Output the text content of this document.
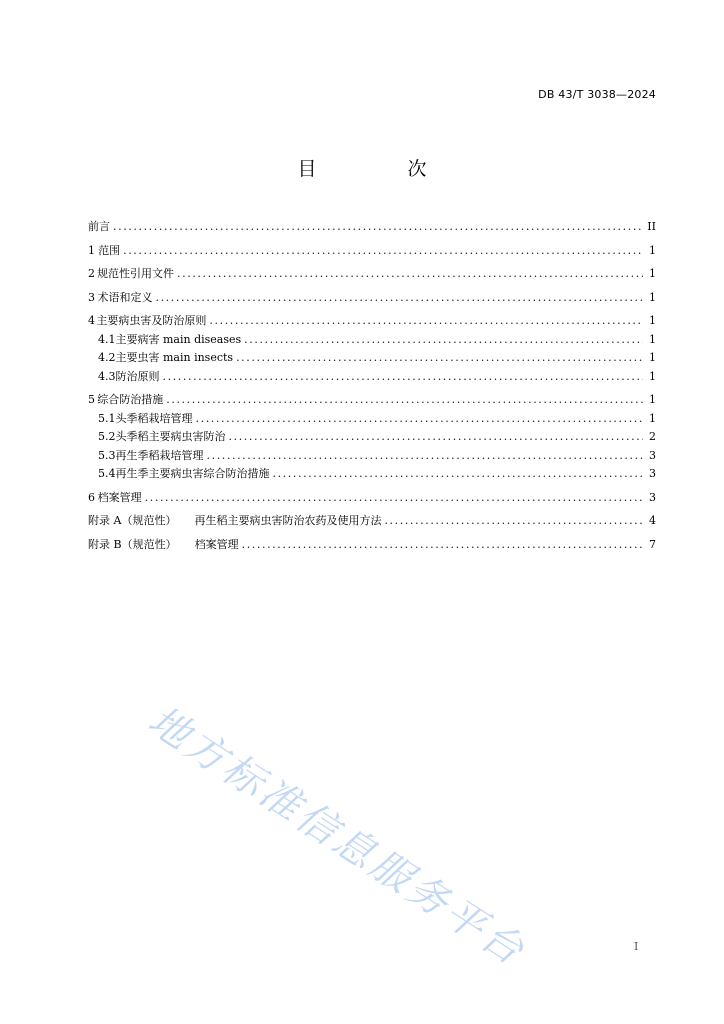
DB 43/T 3038—2024
目　次
前言 .....	II
1 范围 .....	1
2 规范性引用文件 .....	1
3 术语和定义 .....	1
4 主要病虫害及防治原则 .....	1
4.1 主要病害 main diseases .....	1
4.2 主要虫害 main insects .....	1
4.3 防治原则 .....	1
5 综合防治措施 .....	1
5.1 头季稻栽培管理 .....	1
5.2 头季稻主要病虫害防治 .....	2
5.3 再生季稻栽培管理 .....	3
5.4 再生季主要病虫害综合防治措施 .....	3
6 档案管理 .....	3
附录 A（规范性） 再生稻主要病虫害防治农药及使用方法 .....	4
附录 B（规范性） 档案管理 .....	7
地方标准信息服务平台	I
